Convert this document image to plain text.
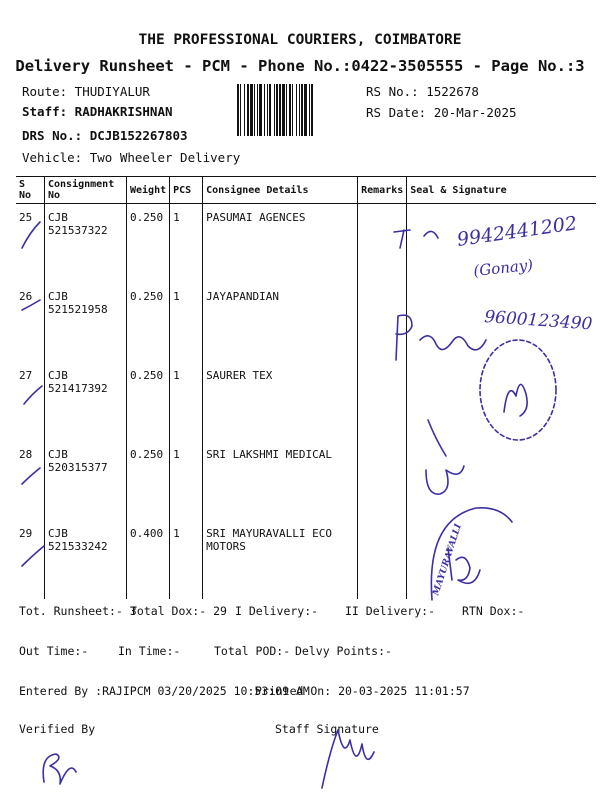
THE PROFESSIONAL COURIERS, COIMBATORE
Delivery Runsheet - PCM - Phone No.:0422-3505555 - Page No.:3
Route: THUDIYALUR
Staff: RADHAKRISHNAN
DRS No.: DCJB152267803
Vehicle: Two Wheeler Delivery
RS No.: 1522678
RS Date: 20-Mar-2025
S No	Consignment No	Weight	PCS	Consignee Details	Remarks	Seal & Signature
25	CJB 521537322	0.250	1	PASUMAI AGENCES		
26	CJB 521521958	0.250	1	JAYAPANDIAN		
27	CJB 521417392	0.250	1	SAURER TEX		
28	CJB 520315377	0.250	1	SRI LAKSHMI MEDICAL		
29	CJB 521533242	0.400	1	SRI MAYURAVALLI ECO MOTORS		
Tot. Runsheet:- 3
Total Dox:- 29 I Delivery:- II Delivery:- RTN Dox:-
Out Time:-	In Time:-	Total POD:- Delvy Points:-
Entered By :RAJIPCM 03/20/2025 10:53:09 AM
Printed On: 20-03-2025 11:01:57
Verified By	Staff Signature
9942441202
(Gonay)
9600123490
MAYURAVALLI
